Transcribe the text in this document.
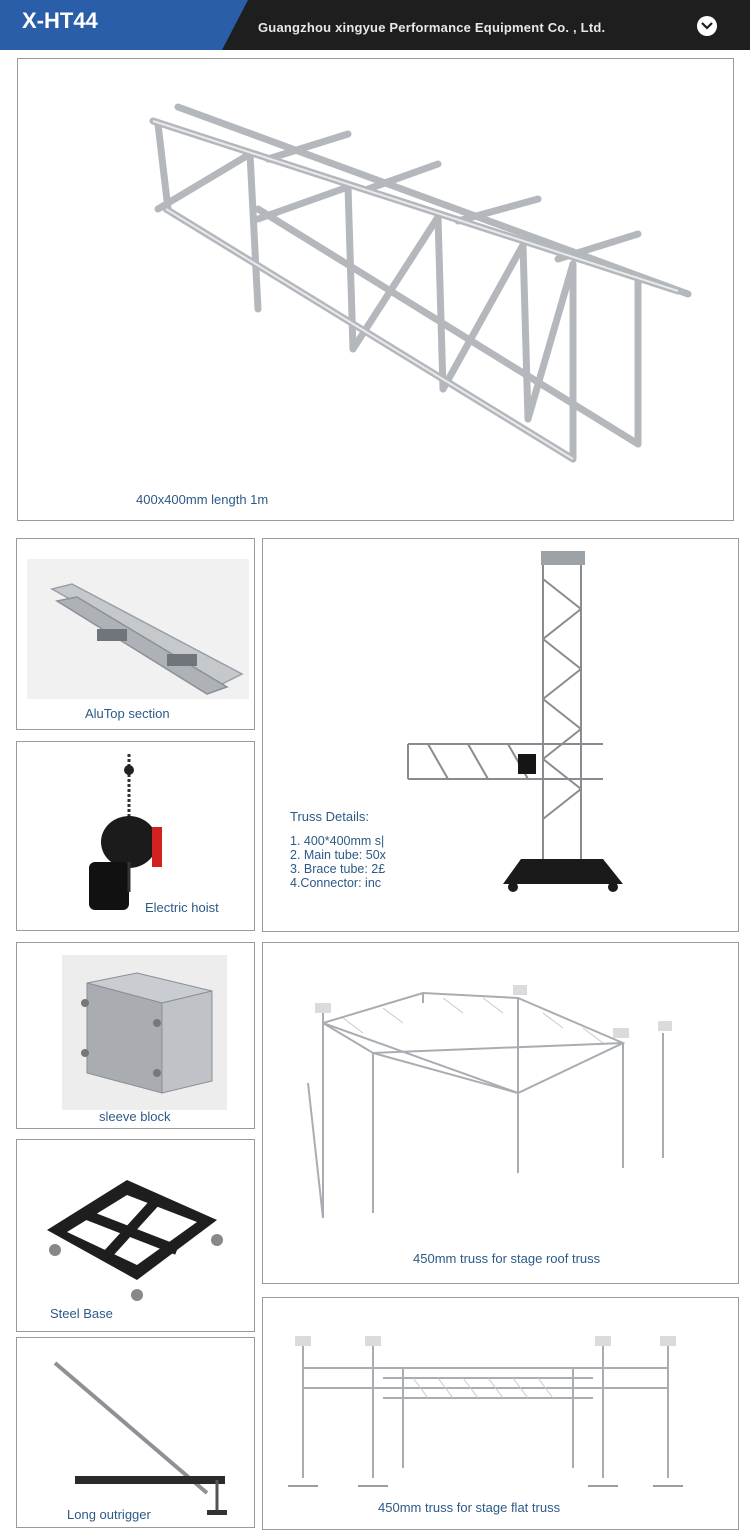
X-HT44	Guangzhou xingyue Performance Equipment Co. , Ltd.
400x400mm length 1m
AluTop section
Electric hoist
Truss Details:
1. 400*400mm s|
2. Main tube: 50x
3. Brace tube: 2£
4.Connector: inc
sleeve block
Steel Base
Long outrigger
450mm truss for stage roof truss
450mm truss for stage flat truss
